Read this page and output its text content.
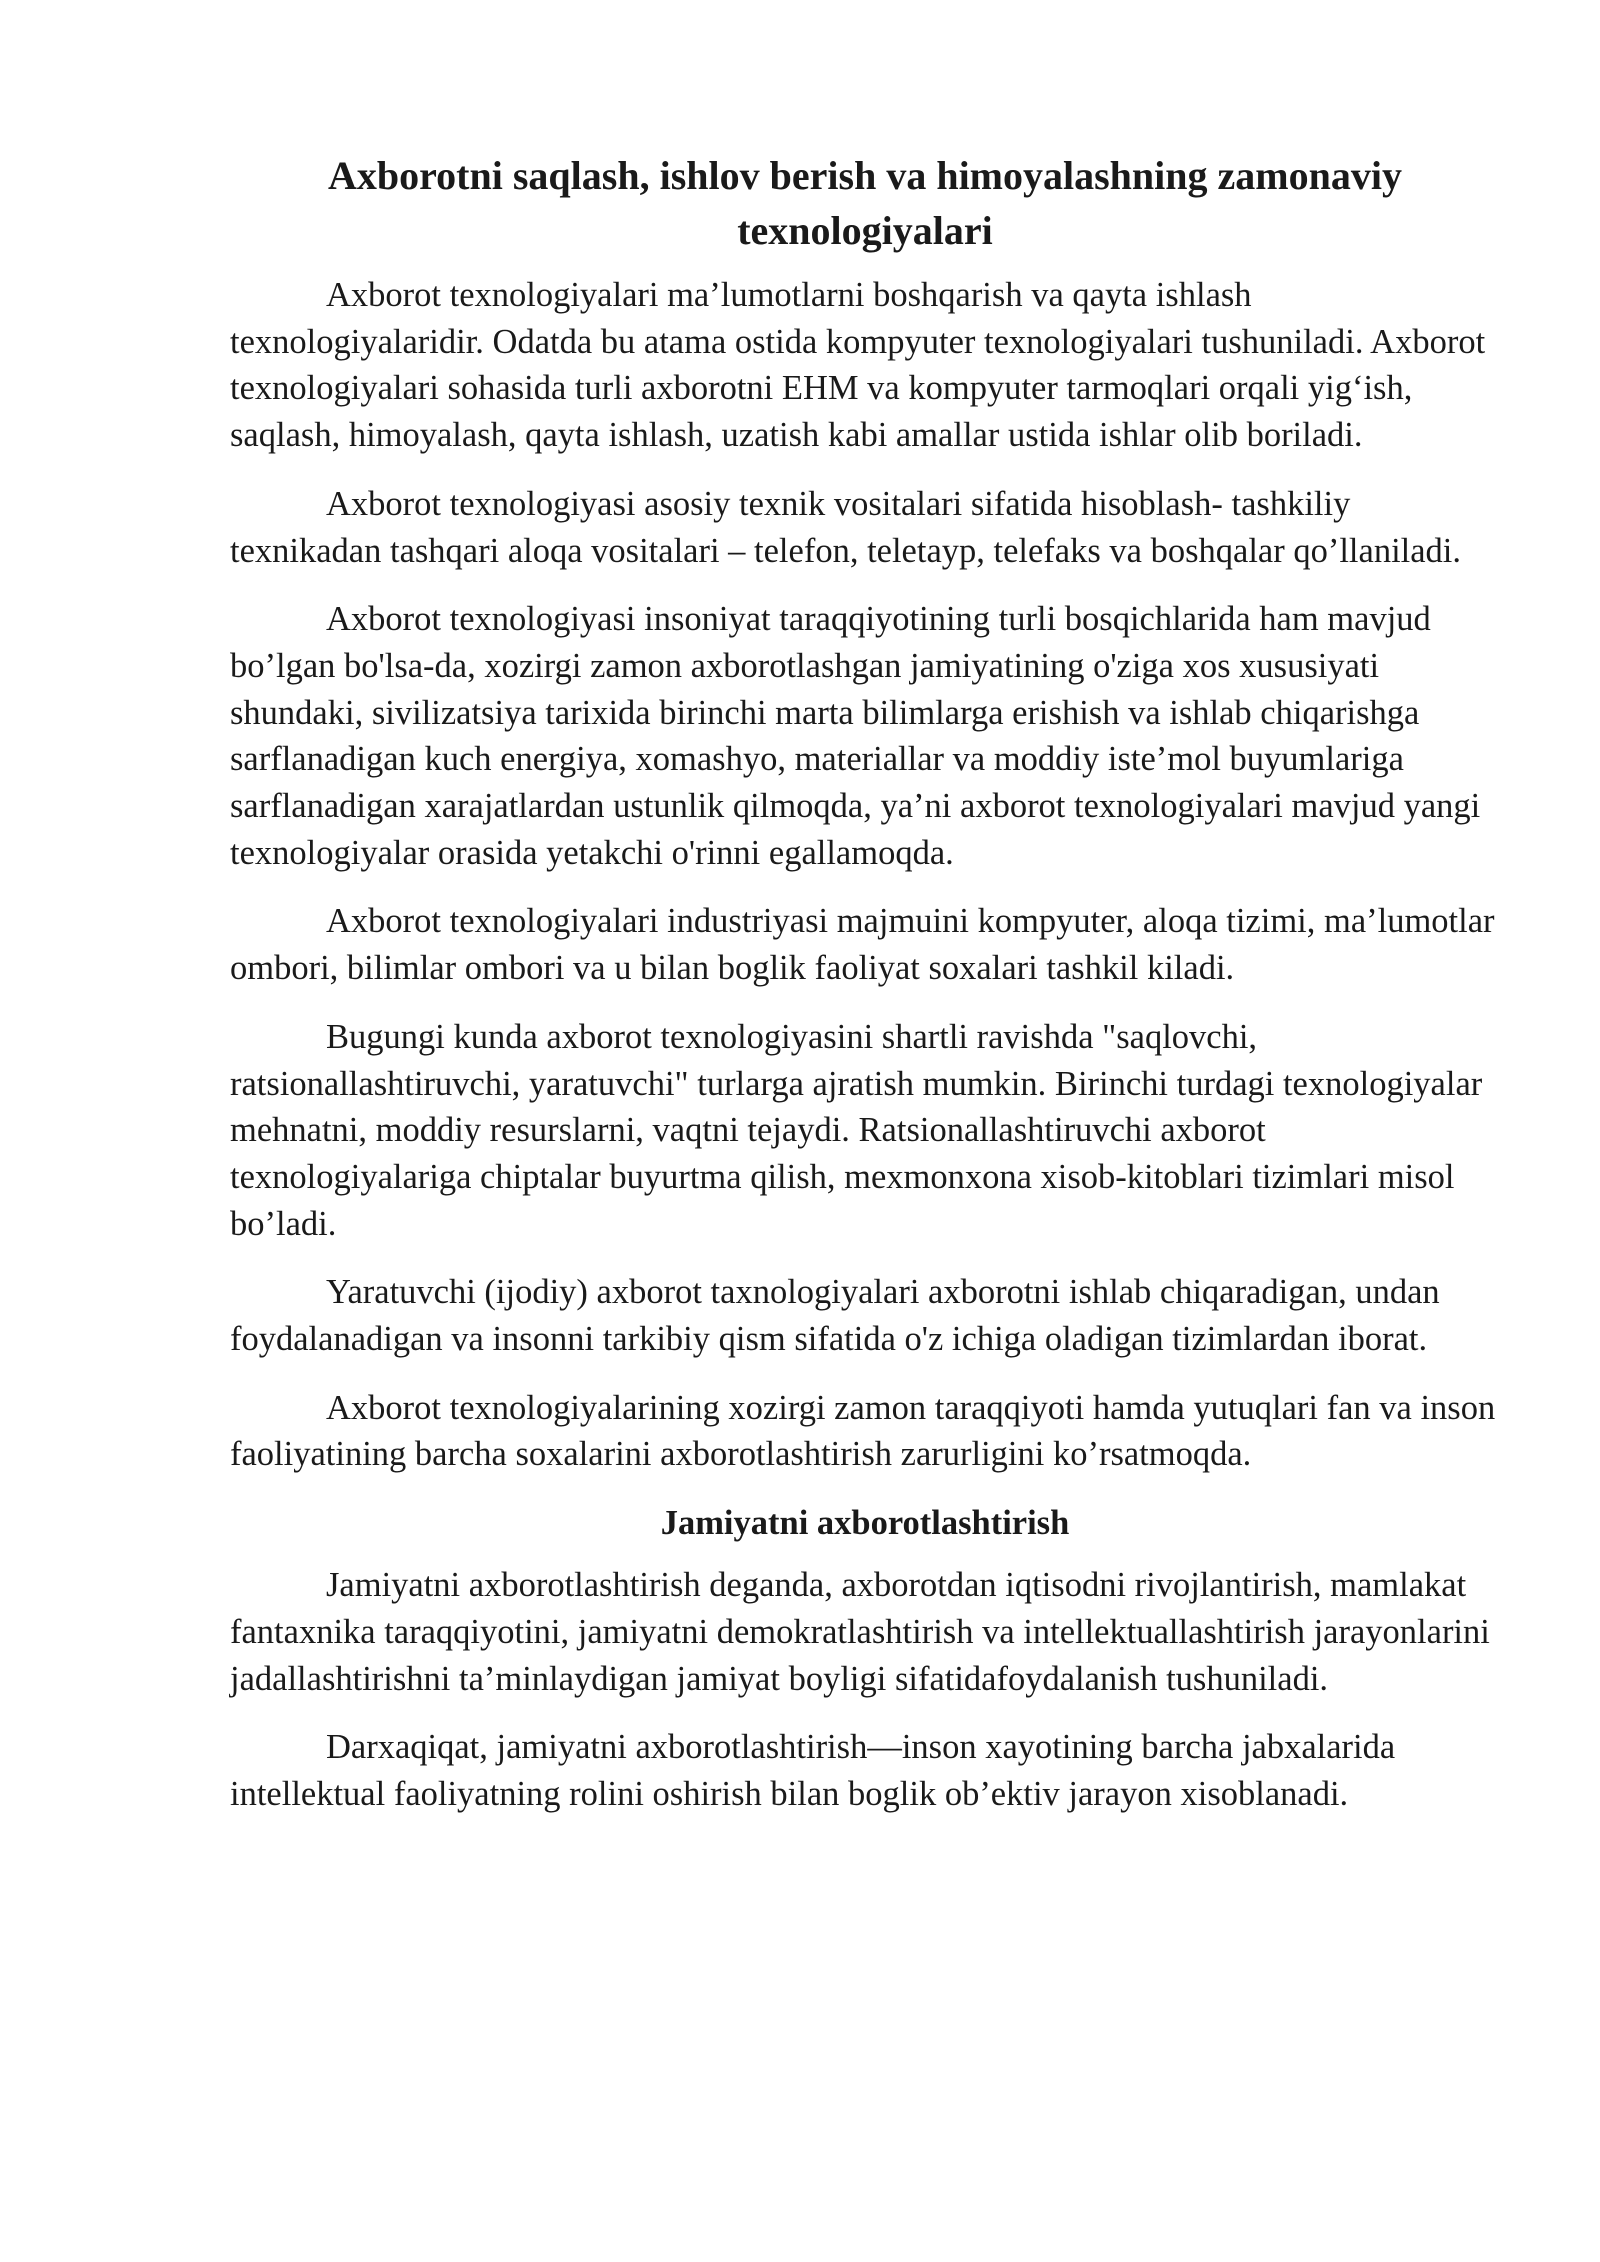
Axborotni saqlash, ishlov berish va himoyalashning zamonaviy texnologiyalari

Axborot texnologiyalari ma’lumotlarni boshqarish va qayta ishlash texnologiyalaridir. Odatda bu atama ostida kompyuter texnologiyalari tushuniladi. Axborot texnologiyalari sohasida turli axborotni EHM va kompyuter tarmoqlari orqali yig‘ish, saqlash, himoyalash, qayta ishlash, uzatish kabi amallar ustida ishlar olib boriladi.

Axborot texnologiyasi asosiy texnik vositalari sifatida hisoblash- tashkiliy texnikadan tashqari aloqa vositalari – telefon, teletayp, telefaks va boshqalar qo’llaniladi.

Axborot texnologiyasi insoniyat taraqqiyotining turli bosqichlarida ham mavjud bo’lgan bo'lsa-da, xozirgi zamon axborotlashgan jamiyatining o'ziga xos xususiyati shundaki, sivilizatsiya tarixida birinchi marta bilimlarga erishish va ishlab chiqarishga sarflanadigan kuch energiya, xomashyo, materiallar va moddiy iste’mol buyumlariga sarflanadigan xarajatlardan ustunlik qilmoqda, ya’ni axborot texnologiyalari mavjud yangi texnologiyalar orasida yetakchi o'rinni egallamoqda.

Axborot texnologiyalari industriyasi majmuini kompyuter, aloqa tizimi, ma’lumotlar ombori, bilimlar ombori va u bilan boglik faoliyat soxalari tashkil kiladi.

Bugungi kunda axborot texnologiyasini shartli ravishda "saqlovchi, ratsionallashtiruvchi, yaratuvchi" turlarga ajratish mumkin. Birinchi turdagi texnologiyalar mehnatni, moddiy resurslarni, vaqtni tejaydi. Ratsionallashtiruvchi axborot texnologiyalariga chiptalar buyurtma qilish, mexmonxona xisob-kitoblari tizimlari misol bo’ladi.

Yaratuvchi (ijodiy) axborot taxnologiyalari axborotni ishlab chiqaradigan, undan foydalanadigan va insonni tarkibiy qism sifatida o'z ichiga oladigan tizimlardan iborat.

Axborot texnologiyalarining xozirgi zamon taraqqiyoti hamda yutuqlari fan va inson faoliyatining barcha soxalarini axborotlashtirish zarurligini ko’rsatmoqda.

Jamiyatni axborotlashtirish

Jamiyatni axborotlashtirish deganda, axborotdan iqtisodni rivojlantirish, mamlakat fantaxnika taraqqiyotini, jamiyatni demokratlashtirish va intellektuallashtirish jarayonlarini jadallashtirishni ta’minlaydigan jamiyat boyligi sifatidafoydalanish tushuniladi.

Darxaqiqat, jamiyatni axborotlashtirish—inson xayotining barcha jabxalarida intellektual faoliyatning rolini oshirish bilan boglik ob’ektiv jarayon xisoblanadi.
